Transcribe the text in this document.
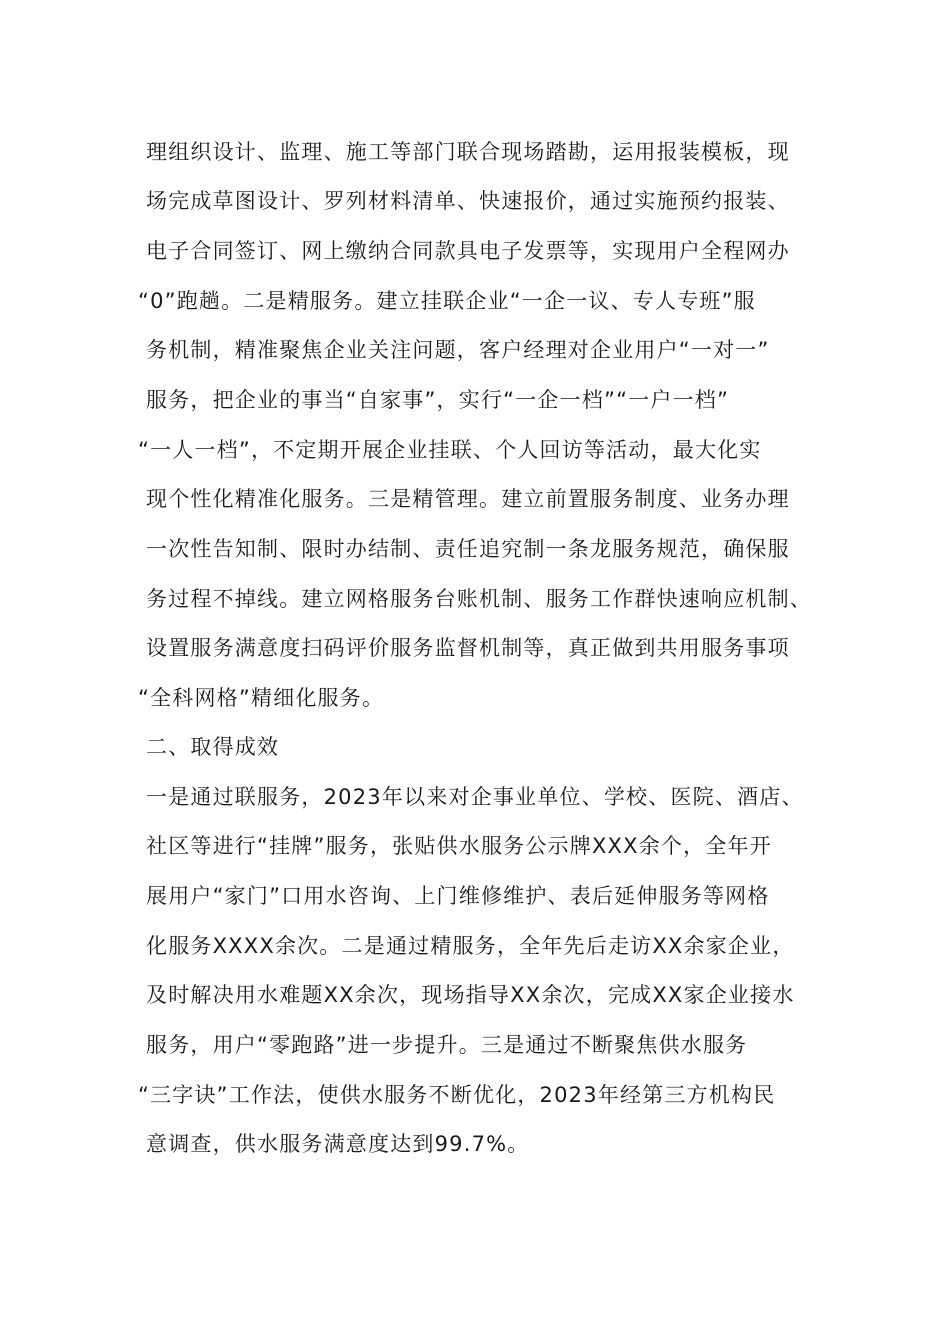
理组织设计、监理、施工等部门联合现场踏勘，运用报装模板，现
场完成草图设计、罗列材料清单、快速报价，通过实施预约报装、
电子合同签订、网上缴纳合同款具电子发票等，实现用户全程网办
“0”跑趟。二是精服务。建立挂联企业“一企一议、专人专班”服
务机制，精准聚焦企业关注问题，客户经理对企业用户“一对一”
服务，把企业的事当“自家事”，实行“一企一档”“一户一档”
“一人一档”，不定期开展企业挂联、个人回访等活动，最大化实
现个性化精准化服务。三是精管理。建立前置服务制度、业务办理
一次性告知制、限时办结制、责任追究制一条龙服务规范，确保服
务过程不掉线。建立网格服务台账机制、服务工作群快速响应机制、
设置服务满意度扫码评价服务监督机制等，真正做到共用服务事项
“全科网格”精细化服务。
二、取得成效
一是通过联服务，2023年以来对企事业单位、学校、医院、酒店、
社区等进行“挂牌”服务，张贴供水服务公示牌XXX余个，全年开
展用户“家门”口用水咨询、上门维修维护、表后延伸服务等网格
化服务XXXX余次。二是通过精服务，全年先后走访XX余家企业，
及时解决用水难题XX余次，现场指导XX余次，完成XX家企业接水
服务，用户“零跑路”进一步提升。三是通过不断聚焦供水服务
“三字诀”工作法，使供水服务不断优化，2023年经第三方机构民
意调查，供水服务满意度达到99.7%。
